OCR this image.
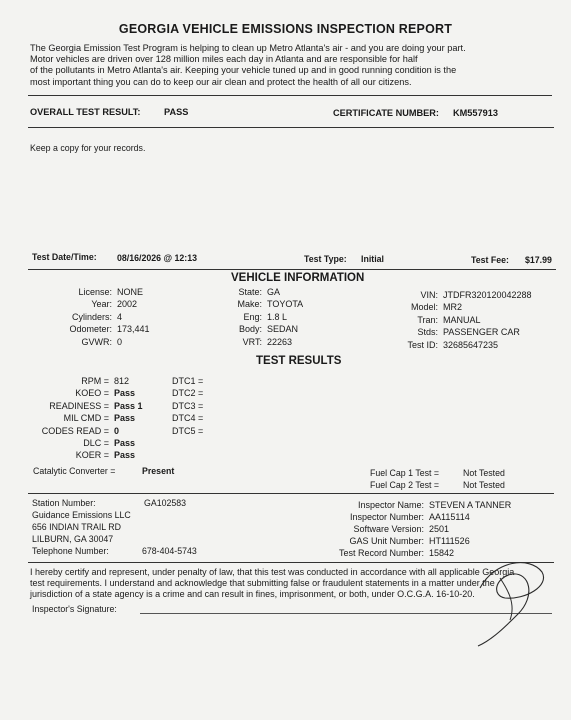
GEORGIA VEHICLE EMISSIONS INSPECTION REPORT
The Georgia Emission Test Program is helping to clean up Metro Atlanta's air - and you are doing your part.
Motor vehicles are driven over 128 million miles each day in Atlanta and are responsible for half
of the pollutants in Metro Atlanta's air. Keeping your vehicle tuned up and in good running condition is the
most important thing you can do to keep our air clean and protect the health of all our citizens.
OVERALL TEST RESULT:	PASS	CERTIFICATE NUMBER: KM557913
Keep a copy for your records.
Test Date/Time: 08/16/2026 @ 12:13	Test Type: Initial	Test Fee: $17.99
VEHICLE INFORMATION
License: NONE
Year: 2002
Cylinders: 4
Odometer: 173,441
GVWR: 0
State: GA
Make: TOYOTA
Eng: 1.8 L
Body: SEDAN
VRT: 22263
VIN: JTDFR320120042288
Model: MR2
Tran: MANUAL
Stds: PASSENGER CAR
Test ID: 32685647235
TEST RESULTS
RPM = 812
KOEO = Pass
READINESS = Pass 1
MIL CMD = Pass
CODES READ = 0
DLC = Pass
KOER = Pass
DTC1 =
DTC2 =
DTC3 =
DTC4 =
DTC5 =
Catalytic Converter =	Present	Fuel Cap 1 Test =	Not Tested
Fuel Cap 2 Test =	Not Tested
Station Number:	GA102583
Guidance Emissions LLC
656 INDIAN TRAIL RD
LILBURN, GA 30047
Telephone Number:	678-404-5743
Inspector Name: STEVEN A TANNER
Inspector Number: AA115114
Software Version: 2501
GAS Unit Number: HT111526
Test Record Number: 15842
I hereby certify and represent, under penalty of law, that this test was conducted in accordance with all applicable Georgia
test requirements. I understand and acknowledge that submitting false or fraudulent statements in a matter under the
jurisdiction of a state agency is a crime and can result in fines, imprisonment, or both, under O.C.G.A. 16-10-20.
Inspector's Signature:
